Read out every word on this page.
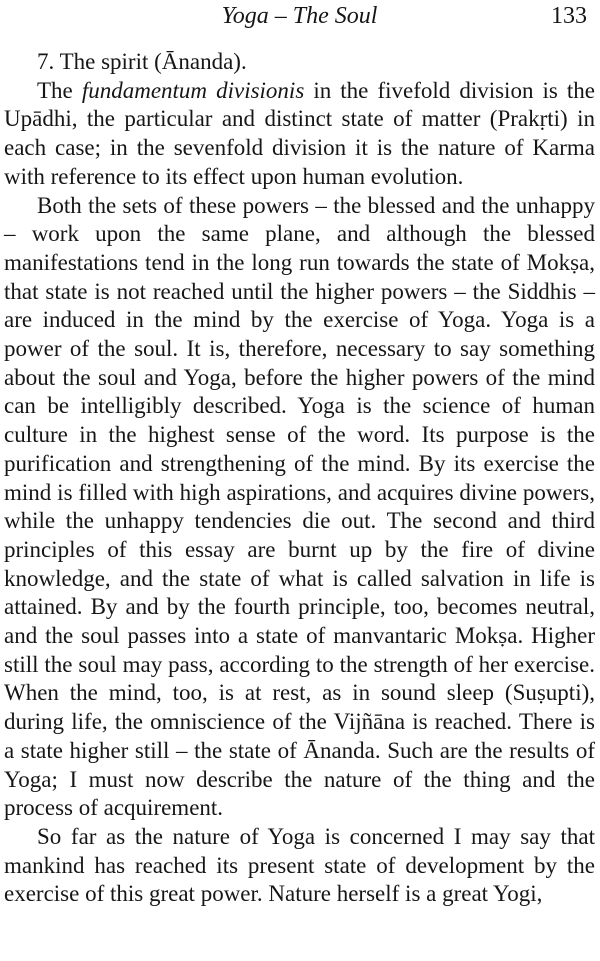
Yoga – The Soul	133

7. The spirit (Ānanda).

The fundamentum divisionis in the fivefold division is the Upādhi, the particular and distinct state of matter (Prakṛti) in each case; in the sevenfold division it is the nature of Karma with reference to its effect upon human evolution.

Both the sets of these powers – the blessed and the unhappy – work upon the same plane, and although the blessed manifestations tend in the long run towards the state of Mokṣa, that state is not reached until the higher powers – the Siddhis – are induced in the mind by the exercise of Yoga. Yoga is a power of the soul. It is, therefore, necessary to say something about the soul and Yoga, before the higher powers of the mind can be intelligibly described. Yoga is the science of human culture in the highest sense of the word. Its purpose is the purification and strengthening of the mind. By its exercise the mind is filled with high aspirations, and acquires divine powers, while the unhappy tendencies die out. The second and third principles of this essay are burnt up by the fire of divine knowledge, and the state of what is called salvation in life is attained. By and by the fourth principle, too, becomes neutral, and the soul passes into a state of manvantaric Mokṣa. Higher still the soul may pass, according to the strength of her exercise. When the mind, too, is at rest, as in sound sleep (Suṣupti), during life, the omniscience of the Vijñāna is reached. There is a state higher still – the state of Ānanda. Such are the results of Yoga; I must now describe the nature of the thing and the process of acquirement.

So far as the nature of Yoga is concerned I may say that mankind has reached its present state of development by the exercise of this great power. Nature herself is a great Yogi,
